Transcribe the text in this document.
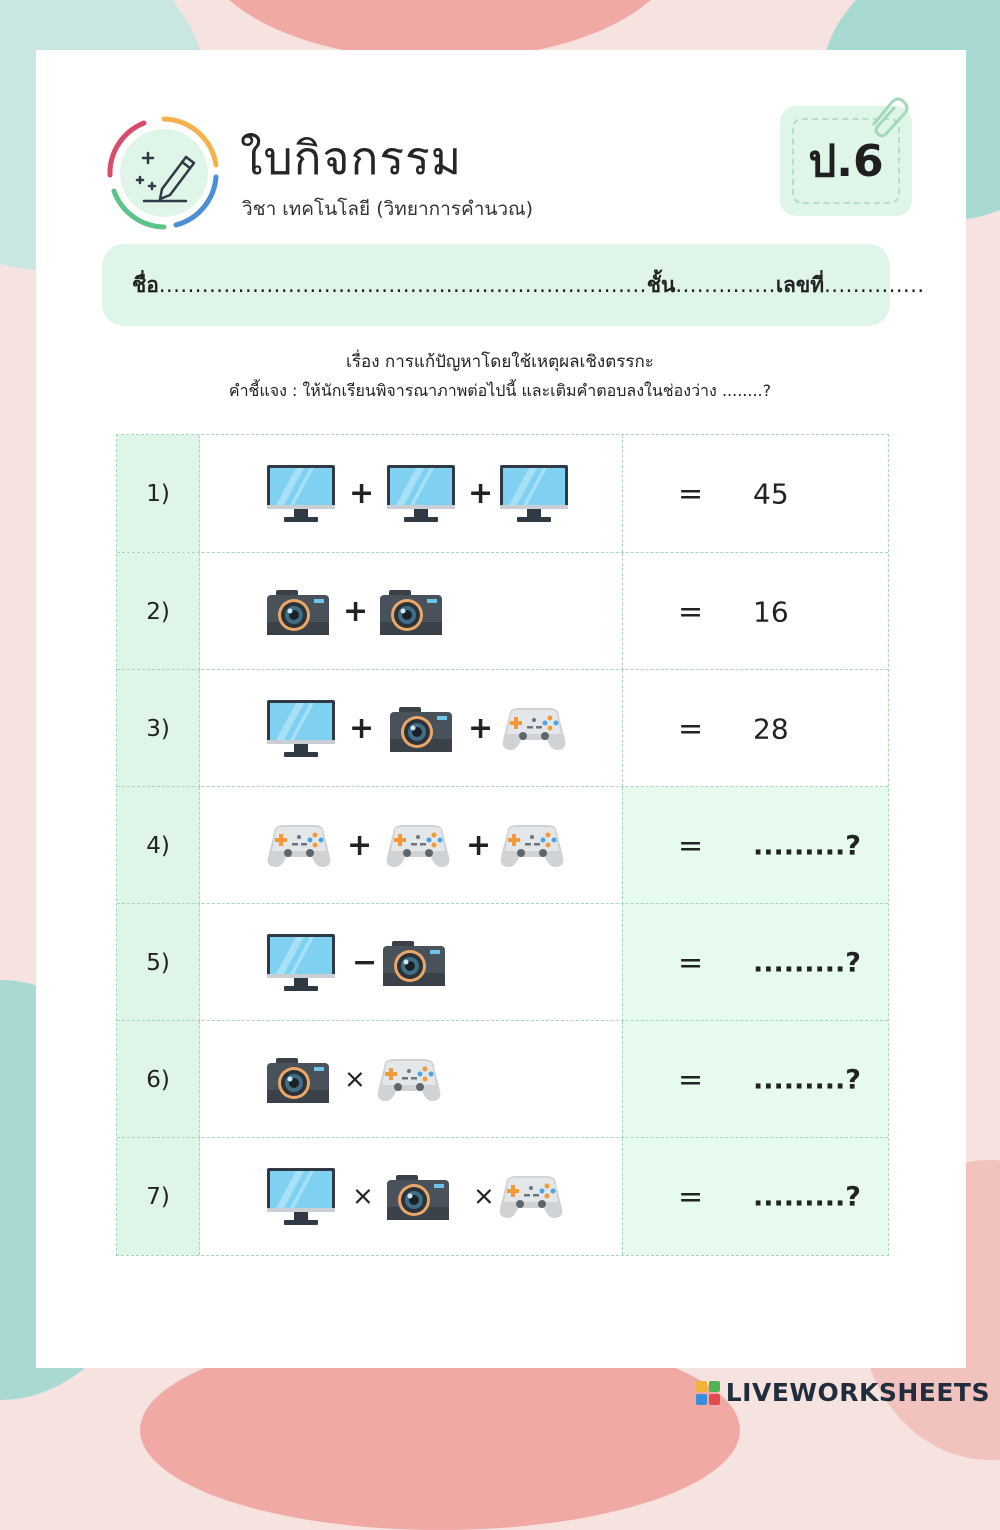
ใบกิจกรรม
วิชา เทคโนโลยี (วิทยาการคำนวณ)
ป.6
ชื่อ .................................................................... ชั้น .............. เลขที่ ..............
เรื่อง การแก้ปัญหาโดยใช้เหตุผลเชิงตรรกะ
คำชี้แจง : ให้นักเรียนพิจารณาภาพต่อไปนี้ และเติมคำตอบลงในช่องว่าง ........?
1)	+	+	= 45
2)	+	= 16
3)	+	+	= 28
4)	+	+	= .........?
5)	−	= .........?
6)	×	= .........?
7)	×	×	= .........?
LIVEWORKSHEETS
